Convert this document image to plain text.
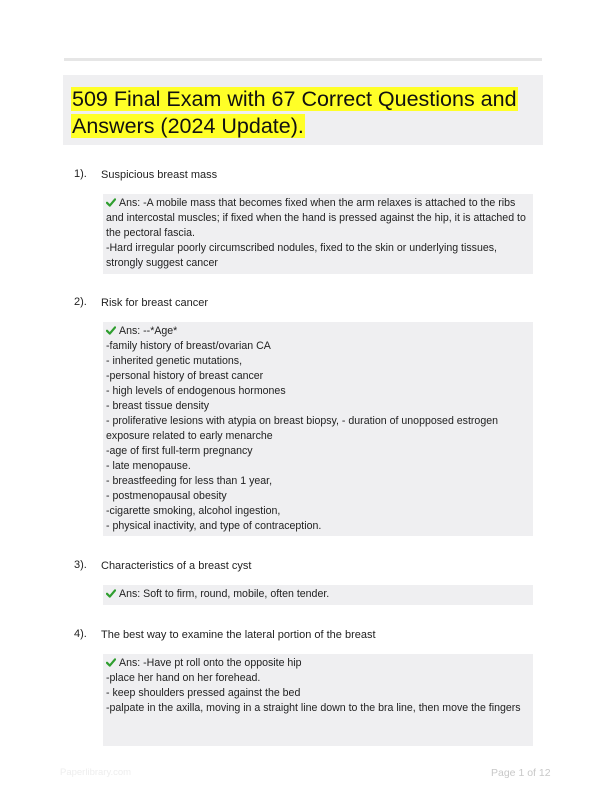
509 Final Exam with 67 Correct Questions and Answers (2024 Update).
1). Suspicious breast mass

Ans: -A mobile mass that becomes fixed when the arm relaxes is attached to the ribs

and intercostal muscles; if fixed when the hand is pressed against the hip, it is attached to

the pectoral fascia.

-Hard irregular poorly circumscribed nodules, fixed to the skin or underlying tissues,

strongly suggest cancer

2). Risk for breast cancer

Ans: --*Age*

-family history of breast/ovarian CA

- inherited genetic mutations,

-personal history of breast cancer

- high levels of endogenous hormones

- breast tissue density

- proliferative lesions with atypia on breast biopsy, - duration of unopposed estrogen

exposure related to early menarche

-age of first full-term pregnancy

- late menopause.

- breastfeeding for less than 1 year,

- postmenopausal obesity

-cigarette smoking, alcohol ingestion,

- physical inactivity, and type of contraception.

3). Characteristics of a breast cyst

Ans: Soft to firm, round, mobile, often tender.

4). The best way to examine the lateral portion of the breast

Ans: -Have pt roll onto the opposite hip

-place her hand on her forehead.

- keep shoulders pressed against the bed

-palpate in the axilla, moving in a straight line down to the bra line, then move the fingers

Paperlibrary.com	Page 1 of 12
